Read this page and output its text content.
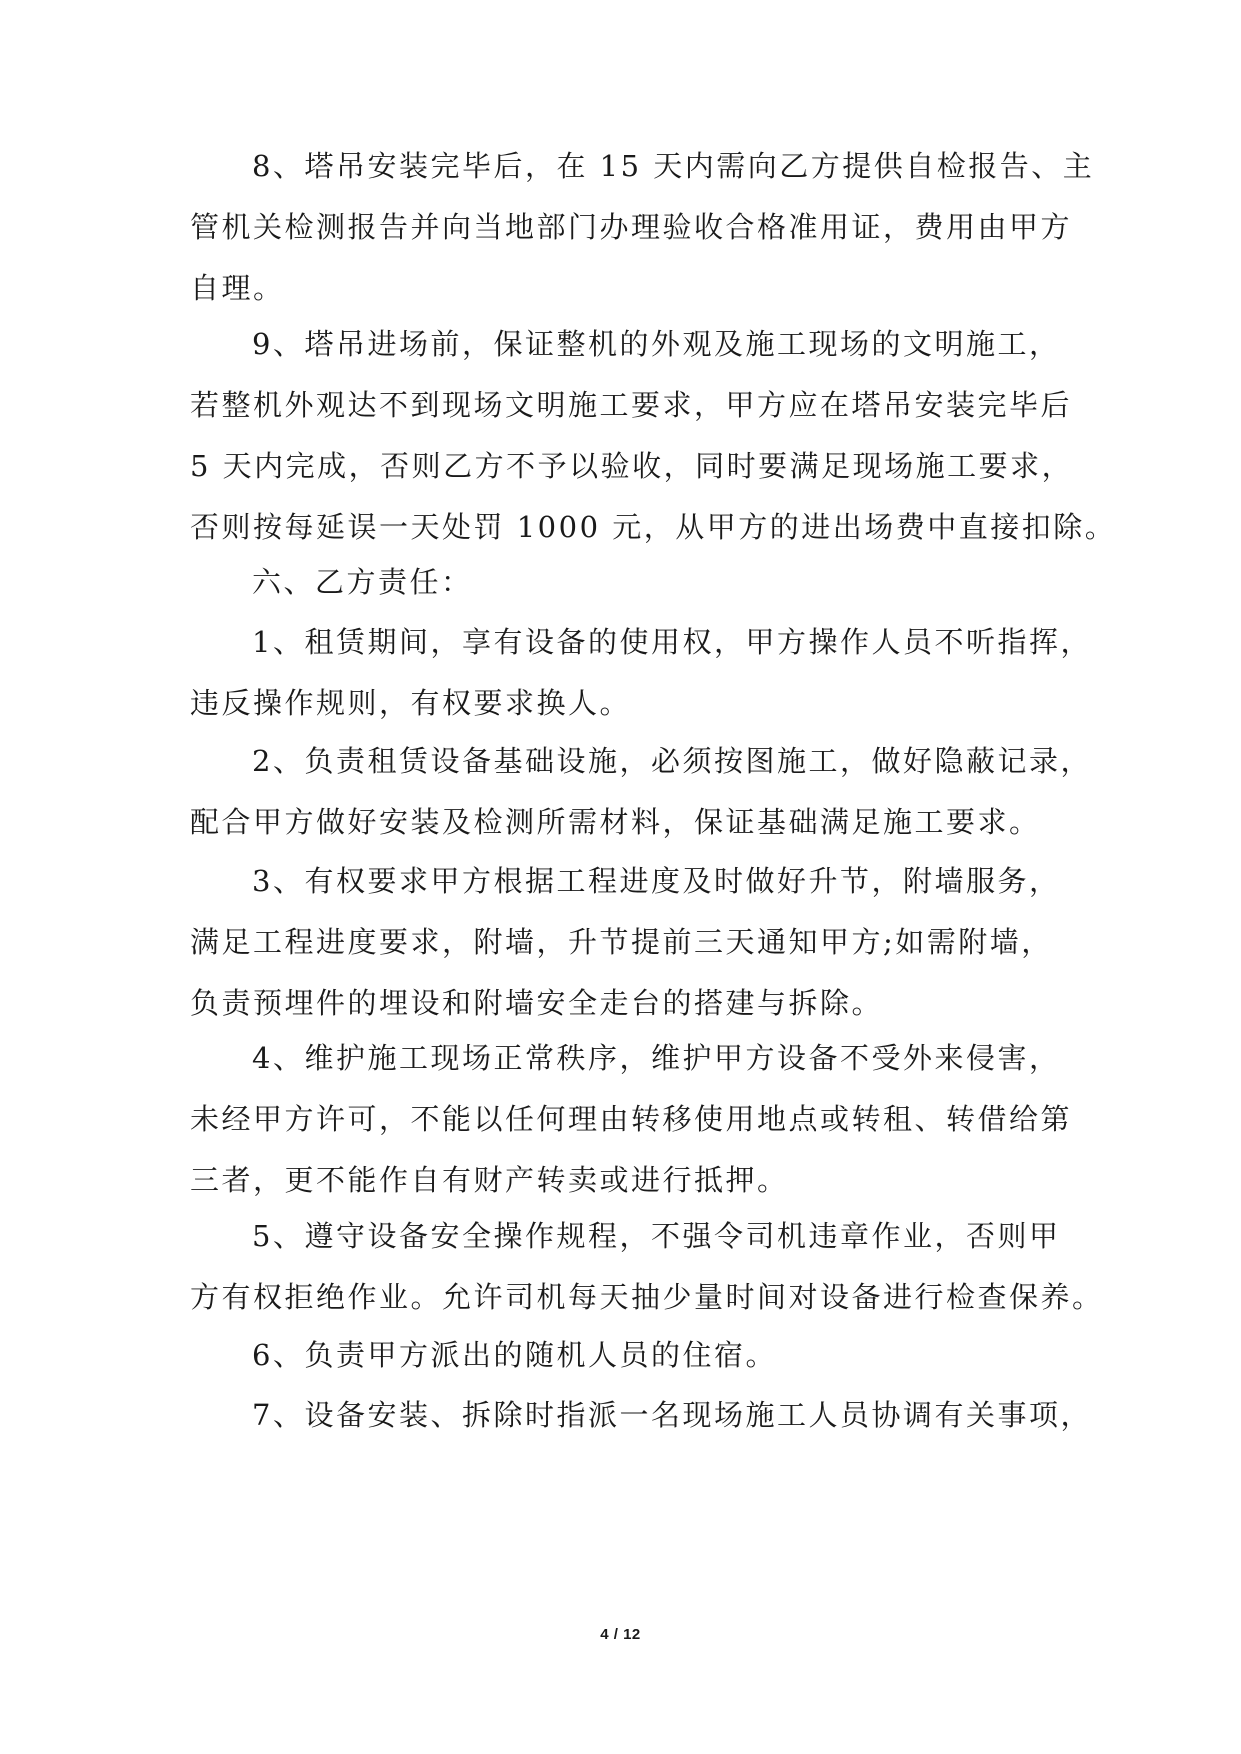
8、塔吊安装完毕后，在 15 天内需向乙方提供自检报告、主
管机关检测报告并向当地部门办理验收合格准用证，费用由甲方
自理。
9、塔吊进场前，保证整机的外观及施工现场的文明施工，
若整机外观达不到现场文明施工要求，甲方应在塔吊安装完毕后
5 天内完成，否则乙方不予以验收，同时要满足现场施工要求，
否则按每延误一天处罚 1000 元，从甲方的进出场费中直接扣除。
六、乙方责任：
1、租赁期间，享有设备的使用权，甲方操作人员不听指挥，
违反操作规则，有权要求换人。
2、负责租赁设备基础设施，必须按图施工，做好隐蔽记录，
配合甲方做好安装及检测所需材料，保证基础满足施工要求。
3、有权要求甲方根据工程进度及时做好升节，附墙服务，
满足工程进度要求，附墙，升节提前三天通知甲方;如需附墙，
负责预埋件的埋设和附墙安全走台的搭建与拆除。
4、维护施工现场正常秩序，维护甲方设备不受外来侵害，
未经甲方许可，不能以任何理由转移使用地点或转租、转借给第
三者，更不能作自有财产转卖或进行抵押。
5、遵守设备安全操作规程，不强令司机违章作业，否则甲
方有权拒绝作业。允许司机每天抽少量时间对设备进行检查保养。
6、负责甲方派出的随机人员的住宿。
7、设备安装、拆除时指派一名现场施工人员协调有关事项，
4 / 12
